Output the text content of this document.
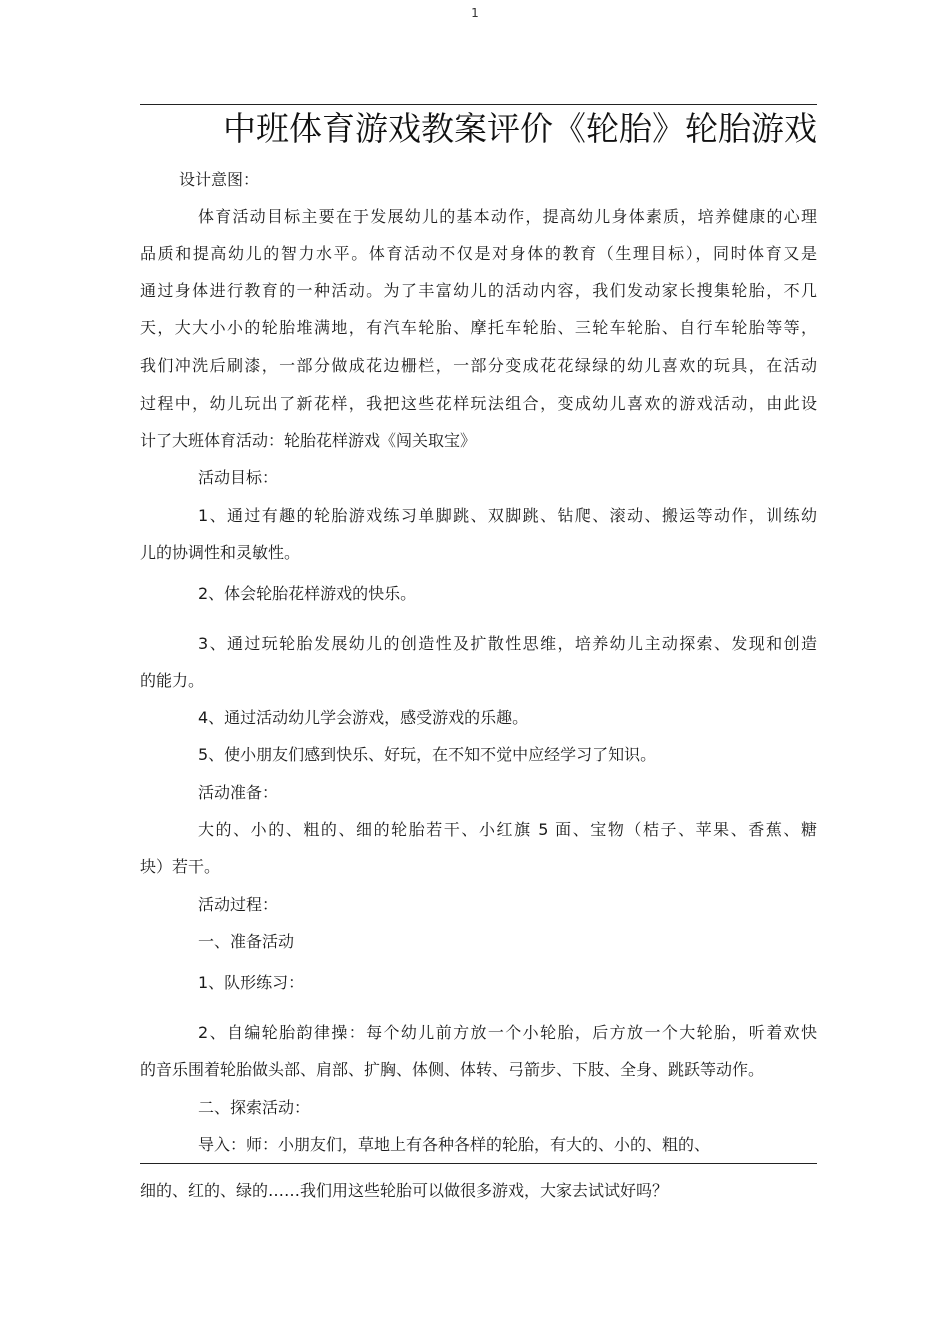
1
中班体育游戏教案评价《轮胎》轮胎游戏
设计意图：
体育活动目标主要在于发展幼儿的基本动作，提高幼儿身体素质，培养健康的心理
品质和提高幼儿的智力水平。体育活动不仅是对身体的教育（生理目标），同时体育又是
通过身体进行教育的一种活动。为了丰富幼儿的活动内容，我们发动家长搜集轮胎，不几
天，大大小小的轮胎堆满地，有汽车轮胎、摩托车轮胎、三轮车轮胎、自行车轮胎等等，
我们冲洗后刷漆，一部分做成花边栅栏，一部分变成花花绿绿的幼儿喜欢的玩具，在活动
过程中，幼儿玩出了新花样，我把这些花样玩法组合，变成幼儿喜欢的游戏活动，由此设
计了大班体育活动：轮胎花样游戏《闯关取宝》
活动目标：
1、通过有趣的轮胎游戏练习单脚跳、双脚跳、钻爬、滚动、搬运等动作，训练幼
儿的协调性和灵敏性。
2、体会轮胎花样游戏的快乐。
3、通过玩轮胎发展幼儿的创造性及扩散性思维，培养幼儿主动探索、发现和创造
的能力。
4、通过活动幼儿学会游戏，感受游戏的乐趣。
5、使小朋友们感到快乐、好玩，在不知不觉中应经学习了知识。
活动准备：
大的、小的、粗的、细的轮胎若干、小红旗 5 面、宝物（桔子、苹果、香蕉、糖
块）若干。
活动过程：
一、准备活动
1、队形练习：
2、自编轮胎韵律操：每个幼儿前方放一个小轮胎，后方放一个大轮胎，听着欢快
的音乐围着轮胎做头部、肩部、扩胸、体侧、体转、弓箭步、下肢、全身、跳跃等动作。
二、探索活动：
导入：师：小朋友们，草地上有各种各样的轮胎，有大的、小的、粗的、
细的、红的、绿的……我们用这些轮胎可以做很多游戏，大家去试试好吗？
